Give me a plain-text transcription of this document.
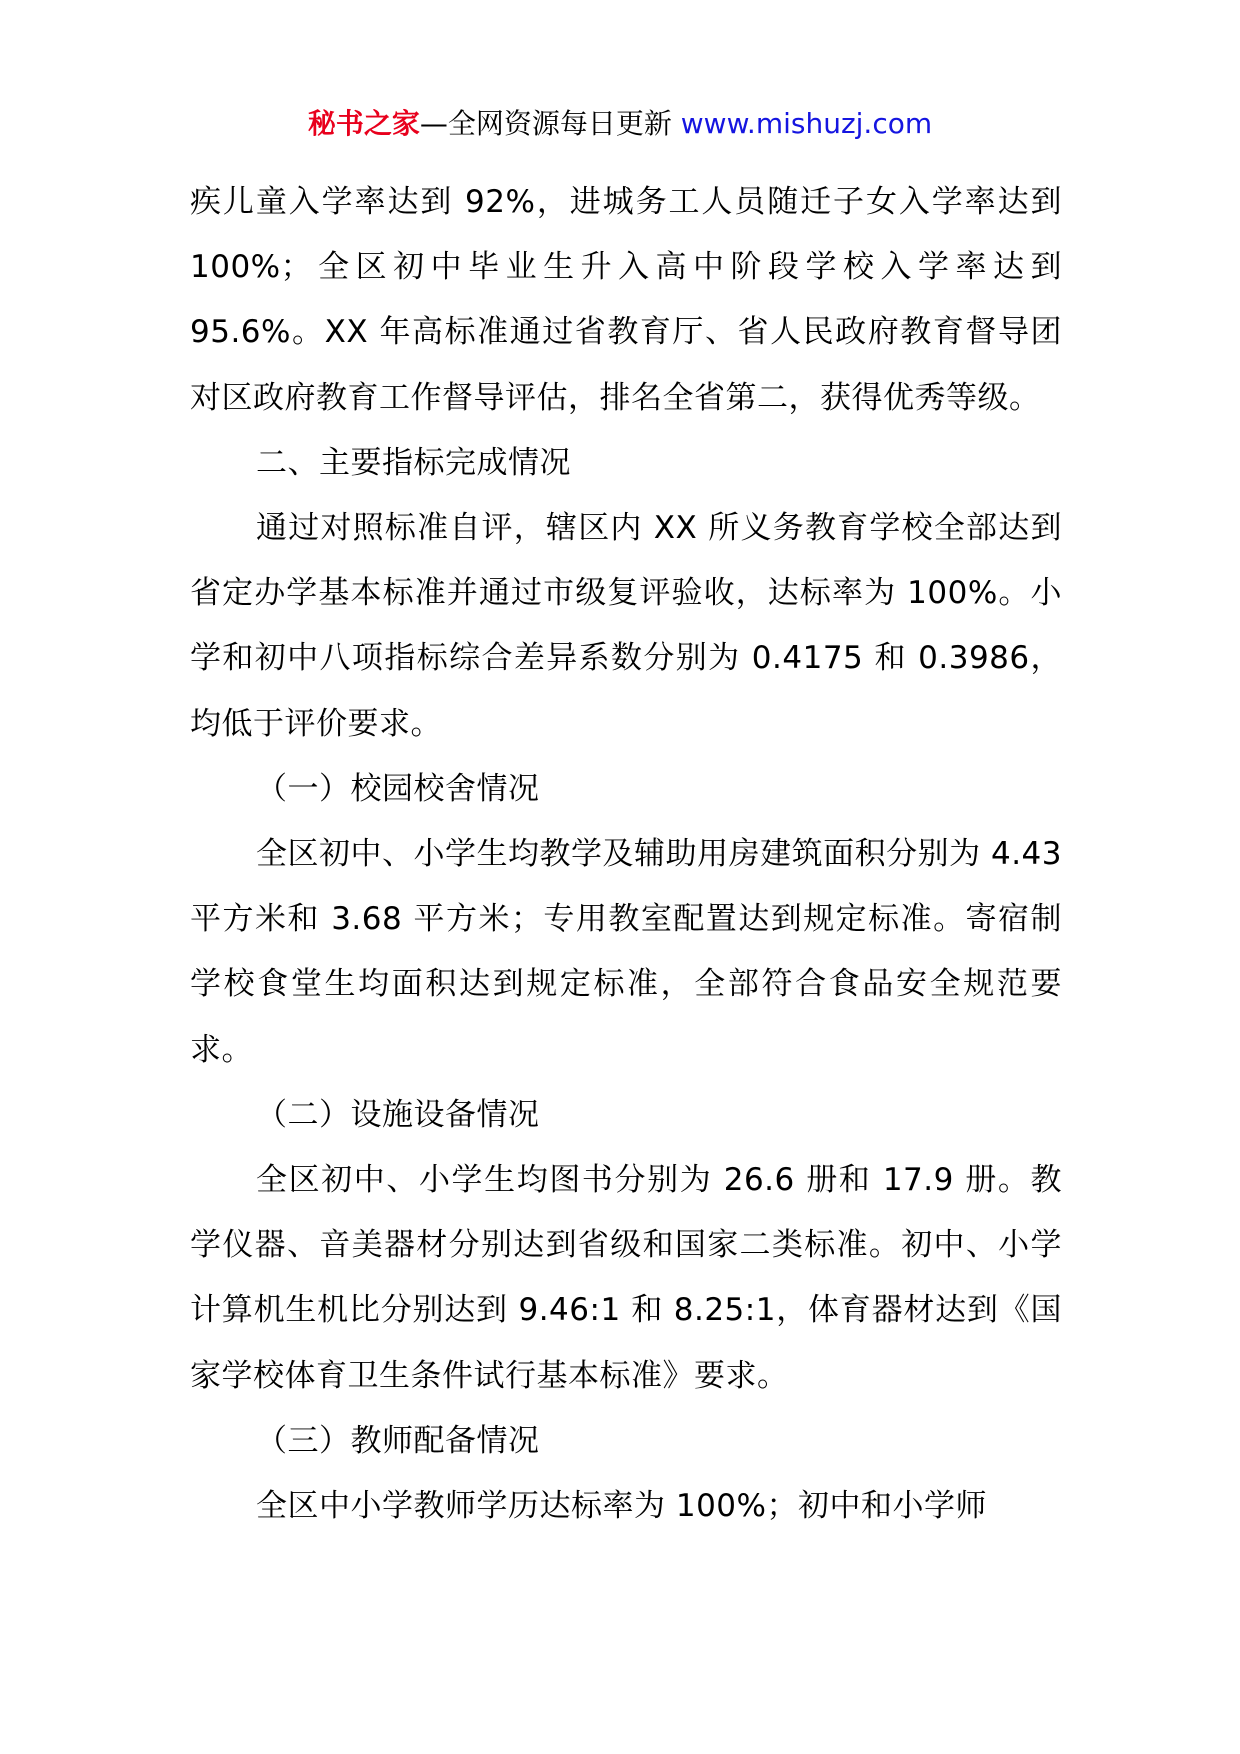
秘书之家—全网资源每日更新 www.mishuzj.com

疾儿童入学率达到 92%，进城务工人员随迁子女入学率达到 100%；全区初中毕业生升入高中阶段学校入学率达到 95.6%。XX 年高标准通过省教育厅、省人民政府教育督导团对区政府教育工作督导评估，排名全省第二，获得优秀等级。

二、主要指标完成情况

通过对照标准自评，辖区内 XX 所义务教育学校全部达到省定办学基本标准并通过市级复评验收，达标率为 100%。小学和初中八项指标综合差异系数分别为 0.4175 和 0.3986，均低于评价要求。

（一）校园校舍情况

全区初中、小学生均教学及辅助用房建筑面积分别为 4.43 平方米和 3.68 平方米；专用教室配置达到规定标准。寄宿制学校食堂生均面积达到规定标准，全部符合食品安全规范要求。

（二）设施设备情况

全区初中、小学生均图书分别为 26.6 册和 17.9 册。教学仪器、音美器材分别达到省级和国家二类标准。初中、小学计算机生机比分别达到 9.46:1 和 8.25:1，体育器材达到《国家学校体育卫生条件试行基本标准》要求。

（三）教师配备情况

全区中小学教师学历达标率为 100%；初中和小学师
